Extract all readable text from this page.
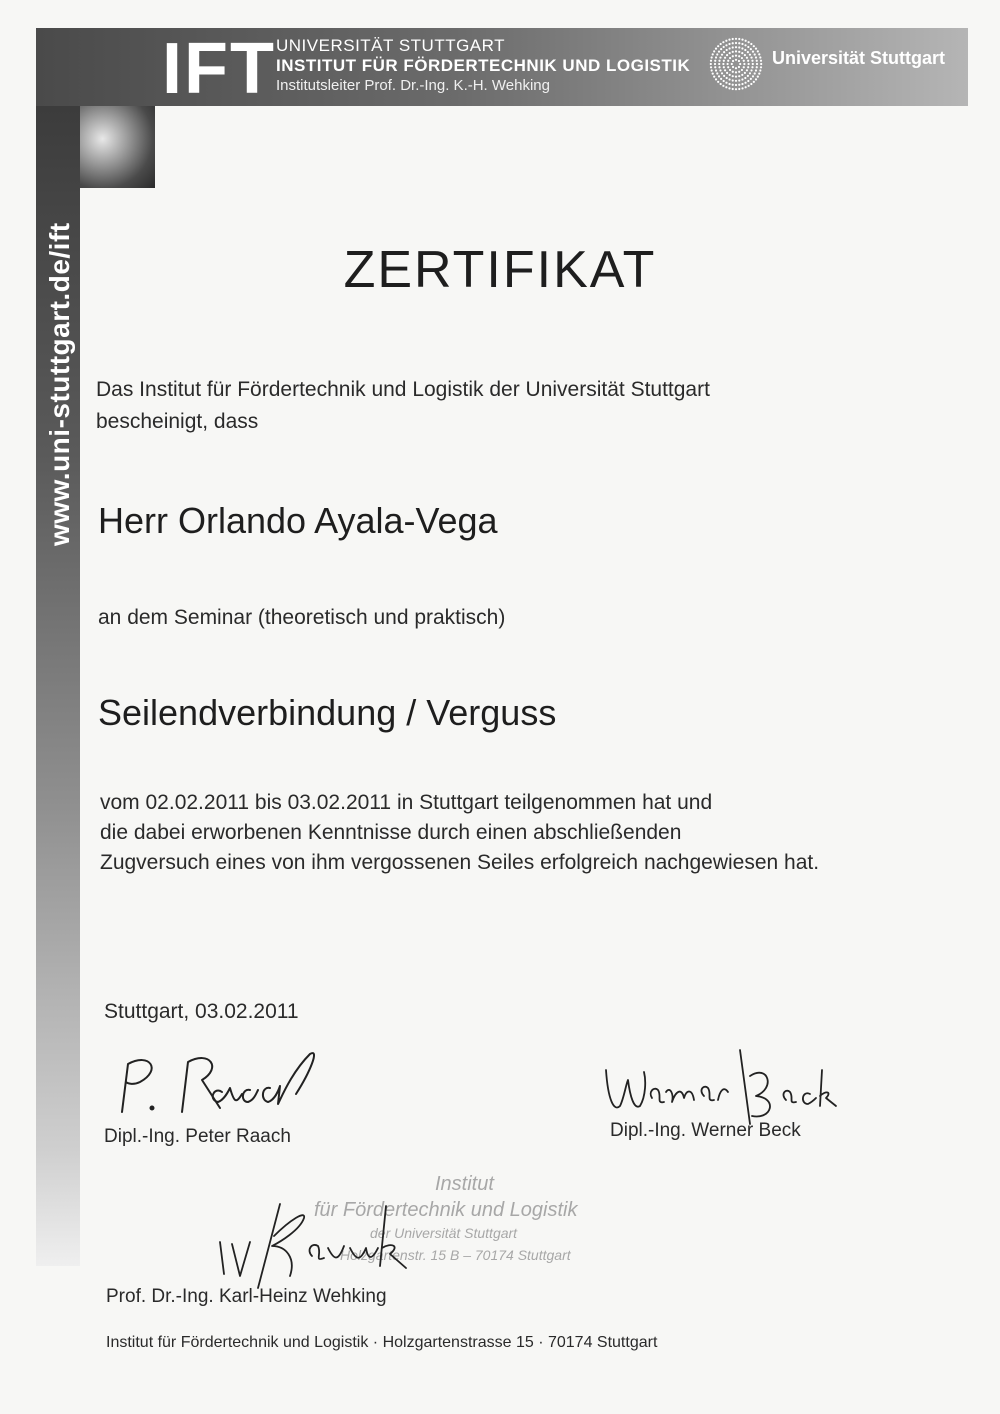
IFT UNIVERSITÄT STUTTGART
INSTITUT FÜR FÖRDERTECHNIK UND LOGISTIK
Institutsleiter Prof. Dr.-Ing. K.-H. Wehking
Universität Stuttgart
www.uni-stuttgart.de/ift	ZERTIFIKAT
Das Institut für Fördertechnik und Logistik der Universität Stuttgart
bescheinigt, dass
Herr Orlando Ayala-Vega
an dem Seminar (theoretisch und praktisch)
Seilendverbindung / Verguss
vom 02.02.2011 bis 03.02.2011 in Stuttgart teilgenommen hat und
die dabei erworbenen Kenntnisse durch einen abschließenden
Zugversuch eines von ihm vergossenen Seiles erfolgreich nachgewiesen hat.
Stuttgart, 03.02.2011
Dipl.-Ing. Peter Raach	Dipl.-Ing. Werner Beck
Institut
für Fördertechnik und Logistik
der Universität Stuttgart
Holzgartenstr. 15 B – 70174 Stuttgart
Prof. Dr.-Ing. Karl-Heinz Wehking
Institut für Fördertechnik und Logistik · Holzgartenstrasse 15 · 70174 Stuttgart
